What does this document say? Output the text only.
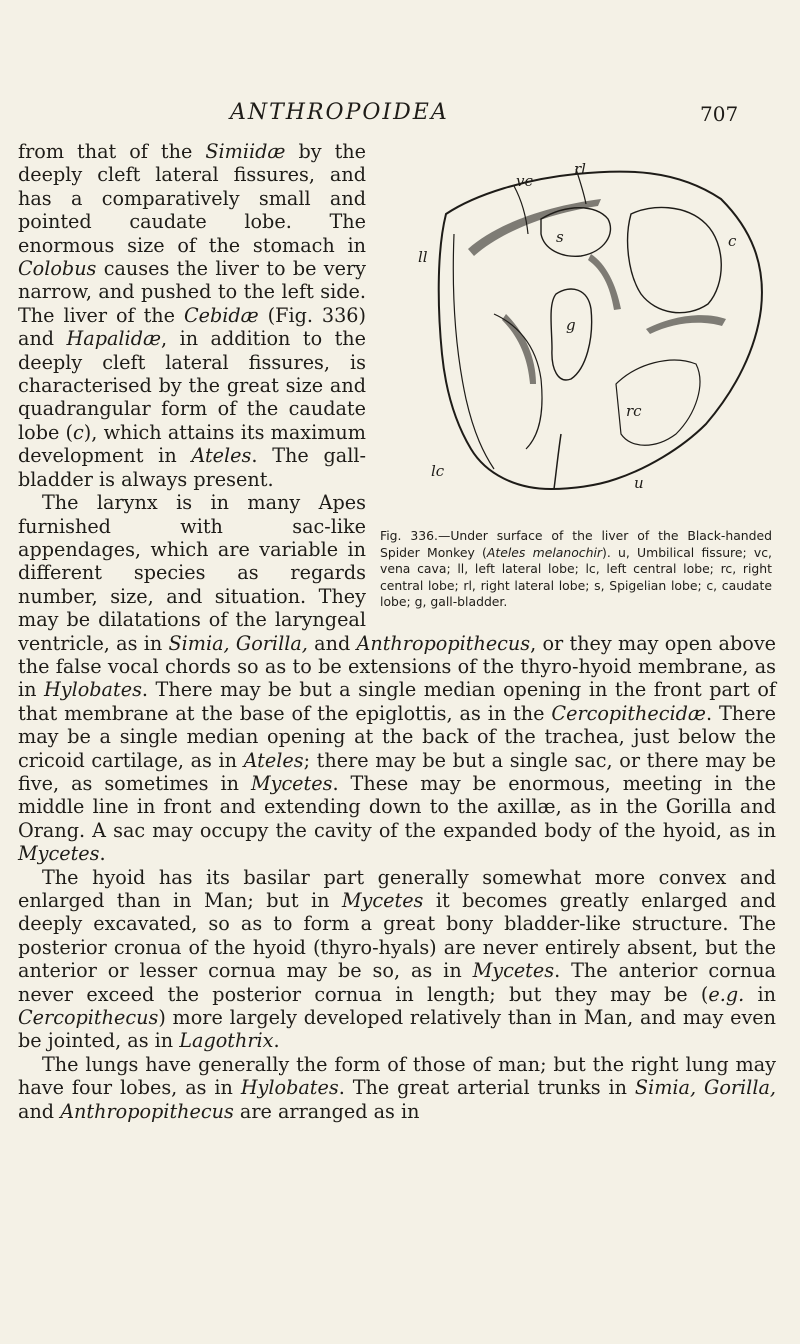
ANTHROPOIDEA	707
vc
rl
ll
c
s
g
rc
lc
u
Fig. 336.—Under surface of the liver of the Black-handed Spider Monkey (Ateles melanochir). u, Umbilical fissure; vc, vena cava; ll, left lateral lobe; lc, left central lobe; rc, right central lobe; rl, right lateral lobe; s, Spigelian lobe; c, caudate lobe; g, gall-bladder.

from that of the Simiidæ by the deeply cleft lateral fissures, and has a comparatively small and pointed caudate lobe. The enormous size of the stomach in Colobus causes the liver to be very narrow, and pushed to the left side. The liver of the Cebidæ (Fig. 336) and Hapalidæ, in addition to the deeply cleft lateral fissures, is characterised by the great size and quadrangular form of the caudate lobe (c), which attains its maximum development in Ateles. The gall-bladder is always present.

The larynx is in many Apes furnished with sac-like appendages, which are variable in different species as regards number, size, and situation. They may be dilatations of the laryngeal ventricle, as in Simia, Gorilla, and Anthropopithecus, or they may open above the false vocal chords so as to be extensions of the thyro-hyoid membrane, as in Hylobates. There may be but a single median opening in the front part of that membrane at the base of the epiglottis, as in the Cercopithecidæ. There may be a single median opening at the back of the trachea, just below the cricoid cartilage, as in Ateles; there may be but a single sac, or there may be five, as sometimes in Mycetes. These may be enormous, meeting in the middle line in front and extending down to the axillæ, as in the Gorilla and Orang. A sac may occupy the cavity of the expanded body of the hyoid, as in Mycetes.

The hyoid has its basilar part generally somewhat more convex and enlarged than in Man; but in Mycetes it becomes greatly enlarged and deeply excavated, so as to form a great bony bladder-like structure. The posterior cronua of the hyoid (thyro-hyals) are never entirely absent, but the anterior or lesser cornua may be so, as in Mycetes. The anterior cornua never exceed the posterior cornua in length; but they may be (e.g. in Cercopithecus) more largely developed relatively than in Man, and may even be jointed, as in Lagothrix.

The lungs have generally the form of those of man; but the right lung may have four lobes, as in Hylobates. The great arterial trunks in Simia, Gorilla, and Anthropopithecus are arranged as in
